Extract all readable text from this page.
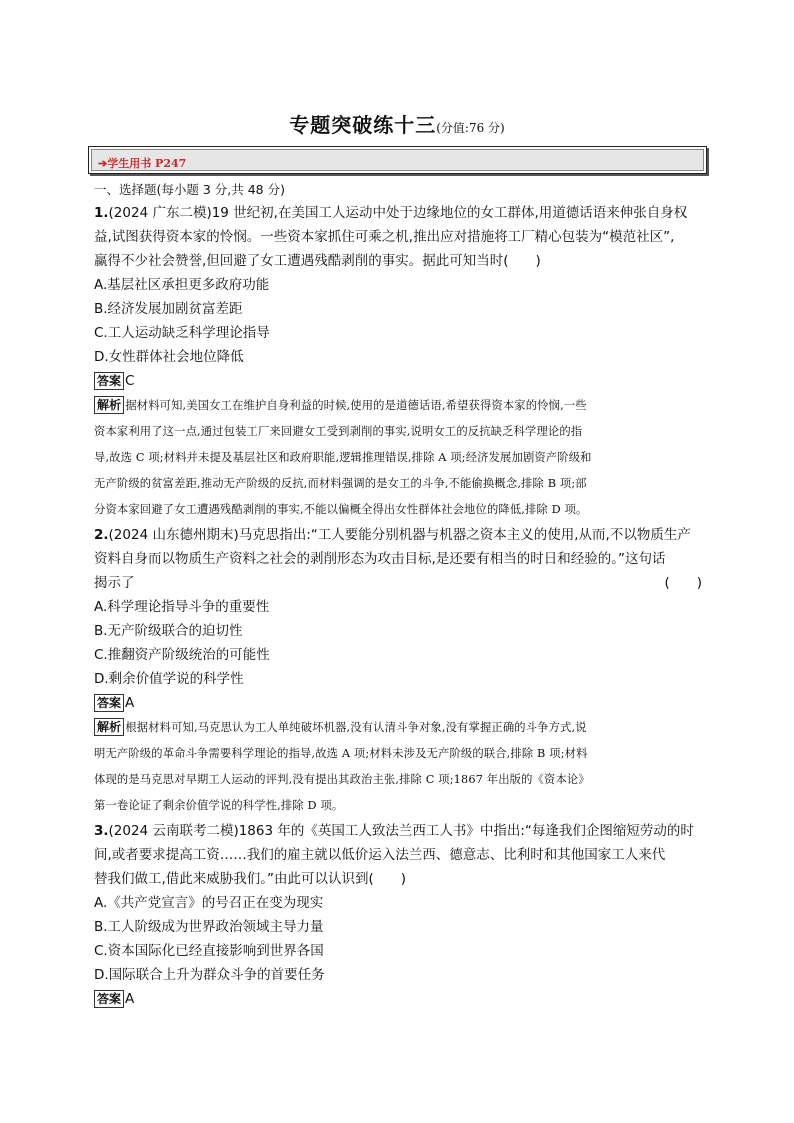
专题突破练十三(分值:76 分)
➔学生用书 P247
一、选择题(每小题 3 分,共 48 分)
1.(2024 广东二模)19 世纪初,在美国工人运动中处于边缘地位的女工群体,用道德话语来伸张自身权
益,试图获得资本家的怜悯。一些资本家抓住可乘之机,推出应对措施将工厂精心包装为“模范社区”,
赢得不少社会赞誉,但回避了女工遭遇残酷剥削的事实。据此可知当时(　　)
A.基层社区承担更多政府功能
B.经济发展加剧贫富差距
C.工人运动缺乏科学理论指导
D.女性群体社会地位降低
答案 C
解析 据材料可知,美国女工在维护自身利益的时候,使用的是道德话语,希望获得资本家的怜悯,一些
资本家利用了这一点,通过包装工厂来回避女工受到剥削的事实,说明女工的反抗缺乏科学理论的指
导,故选 C 项;材料并未提及基层社区和政府职能,逻辑推理错误,排除 A 项;经济发展加剧资产阶级和
无产阶级的贫富差距,推动无产阶级的反抗,而材料强调的是女工的斗争,不能偷换概念,排除 B 项;部
分资本家回避了女工遭遇残酷剥削的事实,不能以偏概全得出女性群体社会地位的降低,排除 D 项。
2.(2024 山东德州期末)马克思指出:“工人要能分别机器与机器之资本主义的使用,从而,不以物质生产
资料自身而以物质生产资料之社会的剥削形态为攻击目标,是还要有相当的时日和经验的。”这句话
揭示了	(　　)
A.科学理论指导斗争的重要性
B.无产阶级联合的迫切性
C.推翻资产阶级统治的可能性
D.剩余价值学说的科学性
答案 A
解析 根据材料可知,马克思认为工人单纯破坏机器,没有认清斗争对象,没有掌握正确的斗争方式,说
明无产阶级的革命斗争需要科学理论的指导,故选 A 项;材料未涉及无产阶级的联合,排除 B 项;材料
体现的是马克思对早期工人运动的评判,没有提出其政治主张,排除 C 项;1867 年出版的《资本论》
第一卷论证了剩余价值学说的科学性,排除 D 项。
3.(2024 云南联考二模)1863 年的《英国工人致法兰西工人书》中指出:“每逢我们企图缩短劳动的时
间,或者要求提高工资……我们的雇主就以低价运入法兰西、德意志、比利时和其他国家工人来代
替我们做工,借此来威胁我们。”由此可以认识到(　　)
A.《共产党宣言》的号召正在变为现实
B.工人阶级成为世界政治领域主导力量
C.资本国际化已经直接影响到世界各国
D.国际联合上升为群众斗争的首要任务
答案 A
